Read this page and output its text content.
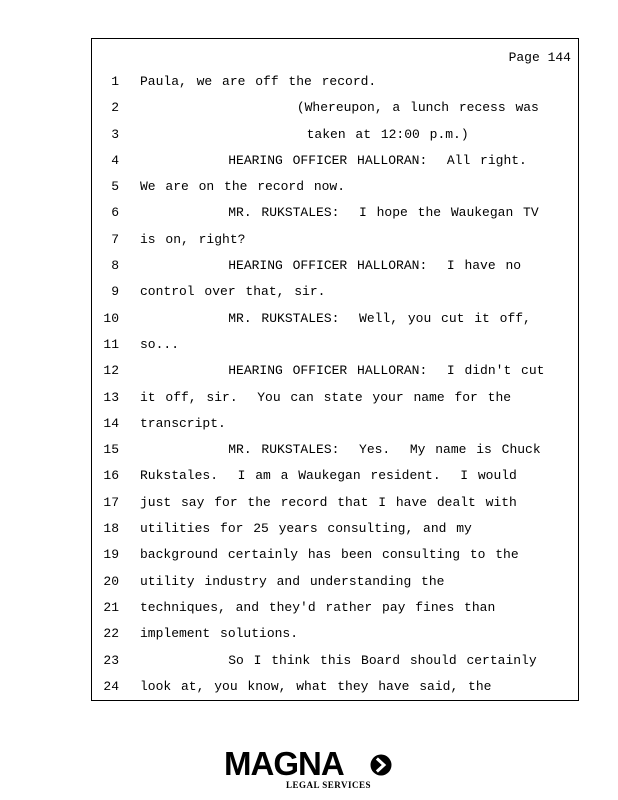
Page 144
1 Paula, we are off the record.
2 (Whereupon, a lunch recess was
3 taken at 12:00 p.m.)
4 HEARING OFFICER HALLORAN:  All right.
5 We are on the record now.
6 MR. RUKSTALES:  I hope the Waukegan TV
7 is on, right?
8 HEARING OFFICER HALLORAN:  I have no
9 control over that, sir.
10 MR. RUKSTALES:  Well, you cut it off,
11 so...
12 HEARING OFFICER HALLORAN:  I didn't cut
13 it off, sir.  You can state your name for the
14 transcript.
15 MR. RUKSTALES:  Yes.  My name is Chuck
16 Rukstales.  I am a Waukegan resident.  I would
17 just say for the record that I have dealt with
18 utilities for 25 years consulting, and my
19 background certainly has been consulting to the
20 utility industry and understanding the
21 techniques, and they'd rather pay fines than
22 implement solutions.
23 So I think this Board should certainly
24 look at, you know, what they have said, the
MAGNA
LEGAL SERVICES
